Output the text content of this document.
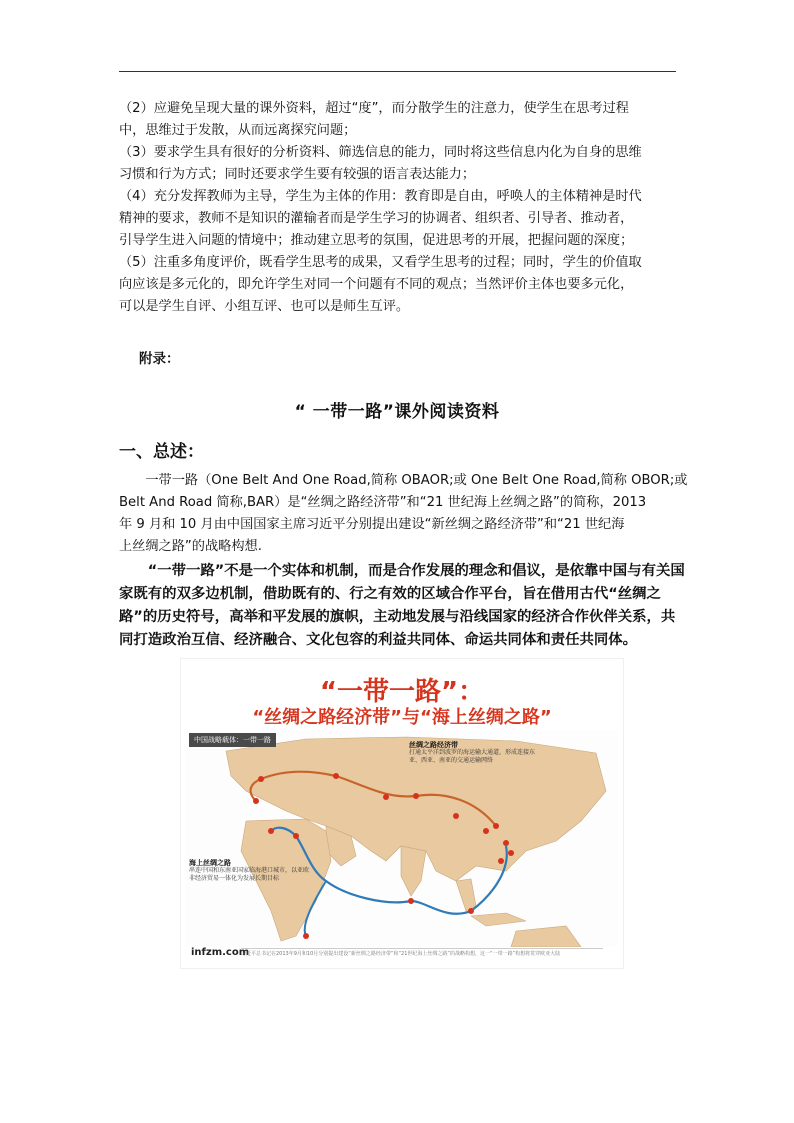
（2）应避免呈现大量的课外资料，超过“度”，而分散学生的注意力，使学生在思考过程
中，思维过于发散，从而远离探究问题；
（3）要求学生具有很好的分析资料、筛选信息的能力，同时将这些信息内化为自身的思维
习惯和行为方式；同时还要求学生要有较强的语言表达能力；
（4）充分发挥教师为主导，学生为主体的作用：教育即是自由，呼唤人的主体精神是时代
精神的要求，教师不是知识的灌输者而是学生学习的协调者、组织者、引导者、推动者，
引导学生进入问题的情境中；推动建立思考的氛围，促进思考的开展，把握问题的深度；
（5）注重多角度评价，既看学生思考的成果，又看学生思考的过程；同时，学生的价值取
向应该是多元化的，即允许学生对同一个问题有不同的观点；当然评价主体也要多元化，
可以是学生自评、小组互评、也可以是师生互评。
附录：
“ 一带一路”课外阅读资料
一、总述：
　　一带一路（One Belt And One Road,简称 OBAOR;或 One Belt One Road,简称 OBOR;或
Belt And Road 简称,BAR）是“丝绸之路经济带”和“21 世纪海上丝绸之路”的简称，2013
年 9 月和 10 月由中国国家主席习近平分别提出建设“新丝绸之路经济带”和“21 世纪海
上丝绸之路”的战略构想.
　　“一带一路”不是一个实体和机制，而是合作发展的理念和倡议，是依靠中国与有关国
家既有的双多边机制，借助既有的、行之有效的区域合作平台，旨在借用古代“丝绸之
路”的历史符号，高举和平发展的旗帜，主动地发展与沿线国家的经济合作伙伴关系，共
同打造政治互信、经济融合、文化包容的利益共同体、命运共同体和责任共同体。
“一带一路”：
“丝绸之路经济带”与“海上丝绸之路”
中国战略载体：一带一路
丝绸之路经济带
打通太平洋到波罗的海运输大通道，形成连接东亚、西亚、南亚的交通运输网络
海上丝绸之路
串连中国和东南亚国家临海港口城市，以亚欧非经济贸易一体化为发展长期目标
infzm.com
习近平总书记在2013年9月和10月分别提出建设“新丝绸之路经济带”和“21世纪海上丝绸之路”的战略构想，这一“一带一路”构想将贯穿欧亚大陆
